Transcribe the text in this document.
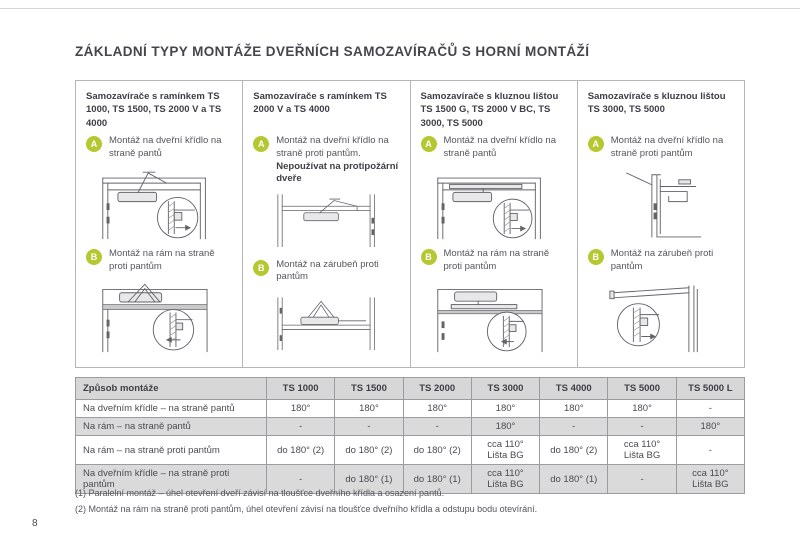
ZÁKLADNÍ TYPY MONTÁŽE DVEŘNÍCH SAMOZAVÍRAČŮ S HORNÍ MONTÁŽÍ
Samozavírače s ramínkem TS 1000, TS 1500, TS 2000 V a TS 4000
A	Montáž na dveřní křídlo na straně pantů
B	Montáž na rám na straně proti pantům
Samozavírače s ramínkem TS 2000 V a TS 4000
A	Montáž na dveřní křídlo na straně proti pantům.
Nepoužívat na protipožární dveře
B	Montáž na zárubeň proti pantům
Samozavírače s kluznou lištou TS 1500 G, TS 2000 V BC, TS 3000, TS 5000
A	Montáž na dveřní křídlo na straně pantů
B	Montáž na rám na straně proti pantům
Samozavírače s kluznou lištou TS 3000, TS 5000
A	Montáž na dveřní křídlo na straně proti pantům
B	Montáž na zárubeň proti pantům
Způsob montáže	TS 1000	TS 1500	TS 2000	TS 3000	TS 4000	TS 5000	TS 5000 L
Na dveřním křídle – na straně pantů	180°	180°	180°	180°	180°	180°	-
Na rám – na straně pantů	-	-	-	180°	-	-	180°
Na rám – na straně proti pantům	do 180° (2)	do 180° (2)	do 180° (2)	cca 110° Lišta BG	do 180° (2)	cca 110° Lišta BG	-
Na dveřním křídle – na straně proti pantům	-	do 180° (1)	do 180° (1)	cca 110° Lišta BG	do 180° (1)	-	cca 110° Lišta BG
(1) Paralelní montáž – úhel otevření dveří závisí na tloušťce dveřního křídla a osazení pantů.
(2) Montáž na rám na straně proti pantům, úhel otevření závisí na tloušťce dveřního křídla a odstupu bodu otevírání.
8
